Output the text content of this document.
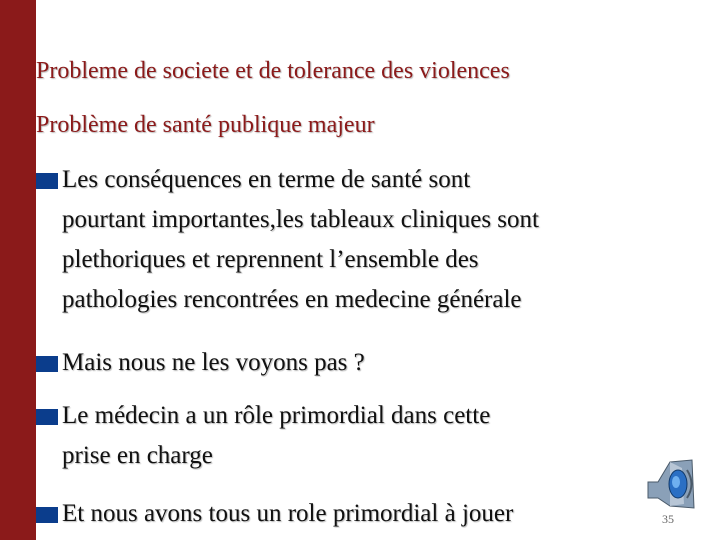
Probleme de societe et de tolerance des violences
Problème de santé publique majeur
Les conséquences en terme de santé sont
pourtant importantes,les tableaux cliniques sont
plethoriques et reprennent l’ensemble des
pathologies rencontrées en medecine générale
Mais nous ne les voyons pas ?
Le médecin a un rôle primordial dans cette
prise en charge
Et nous avons tous un role primordial à jouer	35
